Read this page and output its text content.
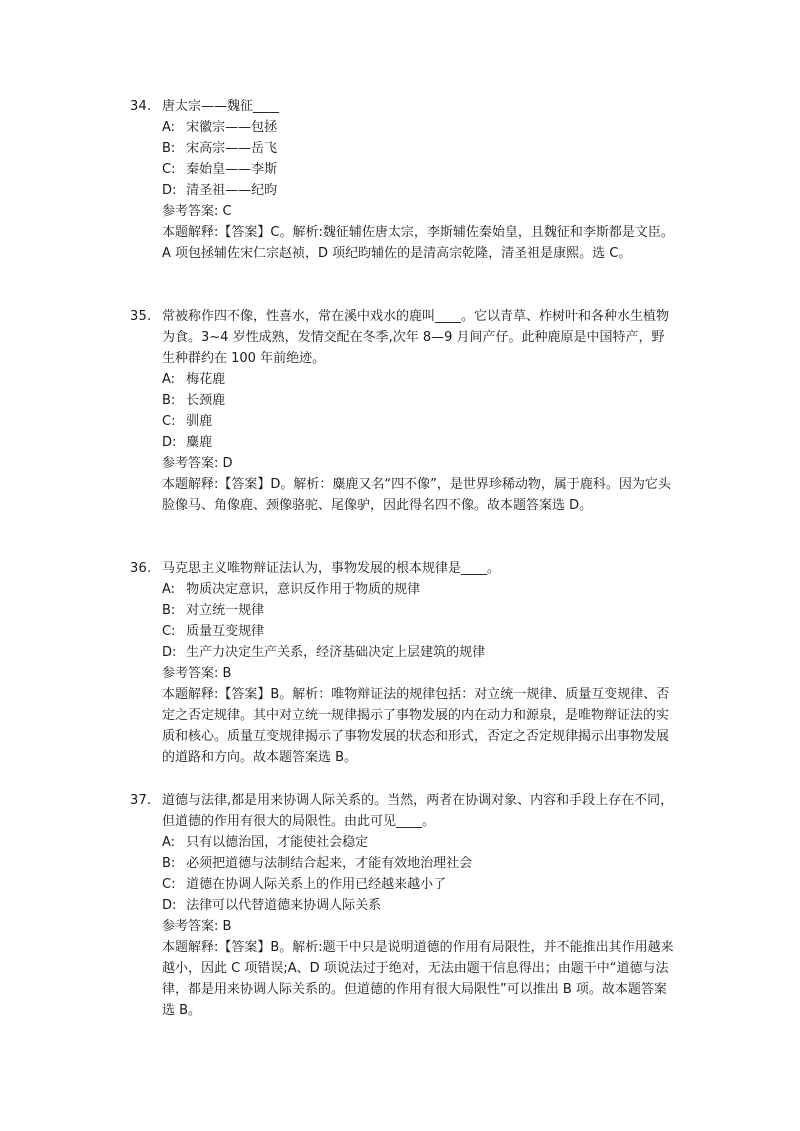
34. 唐太宗——魏征____
A: 宋徽宗——包拯
B: 宋高宗——岳飞
C: 秦始皇——李斯
D: 清圣祖——纪昀
参考答案: C
本题解释:【答案】C。解析:魏征辅佐唐太宗，李斯辅佐秦始皇，且魏征和李斯都是文臣。A 项包拯辅佐宋仁宗赵祯，D 项纪昀辅佐的是清高宗乾隆，清圣祖是康熙。选 C。
35. 常被称作四不像，性喜水，常在溪中戏水的鹿叫____。它以青草、柞树叶和各种水生植物为食。3~4 岁性成熟，发情交配在冬季,次年 8—9 月间产仔。此种鹿原是中国特产，野生种群约在 100 年前绝迹。
A: 梅花鹿
B: 长颈鹿
C: 驯鹿
D: 麋鹿
参考答案: D
本题解释:【答案】D。解析：麋鹿又名“四不像”，是世界珍稀动物，属于鹿科。因为它头脸像马、角像鹿、颈像骆驼、尾像驴，因此得名四不像。故本题答案选 D。
36. 马克思主义唯物辩证法认为，事物发展的根本规律是____。
A: 物质决定意识，意识反作用于物质的规律
B: 对立统一规律
C: 质量互变规律
D: 生产力决定生产关系，经济基础决定上层建筑的规律
参考答案: B
本题解释:【答案】B。解析：唯物辩证法的规律包括：对立统一规律、质量互变规律、否定之否定规律。其中对立统一规律揭示了事物发展的内在动力和源泉，是唯物辩证法的实质和核心。质量互变规律揭示了事物发展的状态和形式，否定之否定规律揭示出事物发展的道路和方向。故本题答案选 B。
37. 道德与法律,都是用来协调人际关系的。当然，两者在协调对象、内容和手段上存在不同，但道德的作用有很大的局限性。由此可见____。
A: 只有以德治国，才能使社会稳定
B: 必须把道德与法制结合起来，才能有效地治理社会
C: 道德在协调人际关系上的作用已经越来越小了
D: 法律可以代替道德来协调人际关系
参考答案: B
本题解释:【答案】B。解析:题干中只是说明道德的作用有局限性，并不能推出其作用越来越小，因此 C 项错误;A、D 项说法过于绝对，无法由题干信息得出；由题干中“道德与法律，都是用来协调人际关系的。但道德的作用有很大局限性”可以推出 B 项。故本题答案选 B。
